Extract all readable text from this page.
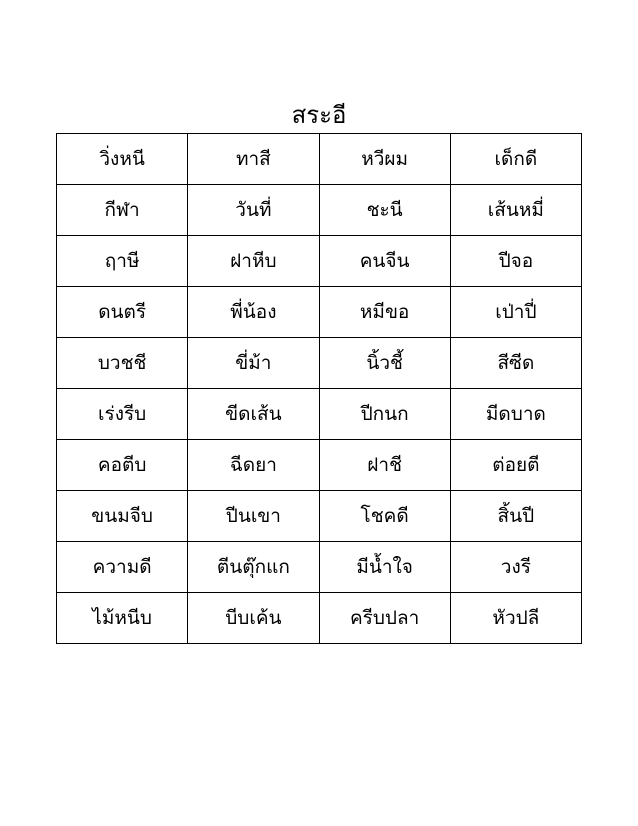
สระอี
วิ่งหนี	ทาสี	หวีผม	เด็กดี
กีฬา	วันที่	ชะนี	เส้นหมี่
ฤาษี	ฝาหีบ	คนจีน	ปีจอ
ดนตรี	พี่น้อง	หมีขอ	เป่าปี่
บวชชี	ขี่ม้า	นิ้วชี้	สีซีด
เร่งรีบ	ขีดเส้น	ปีกนก	มีดบาด
คอตีบ	ฉีดยา	ฝาชี	ต่อยตี
ขนมจีบ	ปีนเขา	โชคดี	สิ้นปี
ความดี	ตีนตุ๊กแก	มีน้ำใจ	วงรี
ไม้หนีบ	บีบเค้น	ครีบปลา	หัวปลี
